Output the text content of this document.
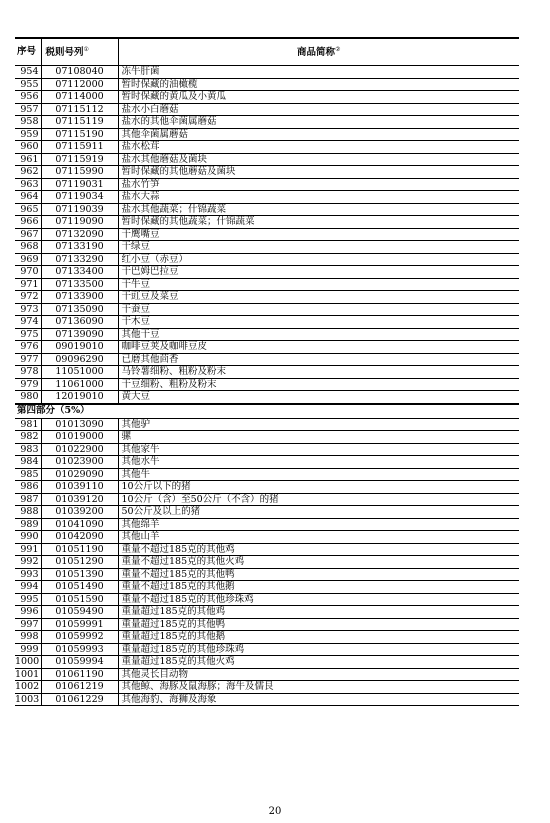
序号	税则号列①	商品简称②
954	07108040	冻牛肝菌
955	07112000	暂时保藏的油橄榄
956	07114000	暂时保藏的黄瓜及小黄瓜
957	07115112	盐水小白蘑菇
958	07115119	盐水的其他伞菌属蘑菇
959	07115190	其他伞菌属蘑菇
960	07115911	盐水松茸
961	07115919	盐水其他蘑菇及菌块
962	07115990	暂时保藏的其他蘑菇及菌块
963	07119031	盐水竹笋
964	07119034	盐水大蒜
965	07119039	盐水其他蔬菜；什锦蔬菜
966	07119090	暂时保藏的其他蔬菜；什锦蔬菜
967	07132090	干鹰嘴豆
968	07133190	干绿豆
969	07133290	红小豆（赤豆）
970	07133400	干巴姆巴拉豆
971	07133500	干牛豆
972	07133900	干豇豆及菜豆
973	07135090	干蚕豆
974	07136090	干木豆
975	07139090	其他干豆
976	09019010	咖啡豆荚及咖啡豆皮
977	09096290	已磨其他茴香
978	11051000	马铃薯细粉、粗粉及粉末
979	11061000	干豆细粉、粗粉及粉末
980	12019010	黄大豆
第四部分（5%）		
981	01013090	其他驴
982	01019000	骡
983	01022900	其他家牛
984	01023900	其他水牛
985	01029090	其他牛
986	01039110	10公斤以下的猪
987	01039120	10公斤（含）至50公斤（不含）的猪
988	01039200	50公斤及以上的猪
989	01041090	其他绵羊
990	01042090	其他山羊
991	01051190	重量不超过185克的其他鸡
992	01051290	重量不超过185克的其他火鸡
993	01051390	重量不超过185克的其他鸭
994	01051490	重量不超过185克的其他鹅
995	01051590	重量不超过185克的其他珍珠鸡
996	01059490	重量超过185克的其他鸡
997	01059991	重量超过185克的其他鸭
998	01059992	重量超过185克的其他鹅
999	01059993	重量超过185克的其他珍珠鸡
1000	01059994	重量超过185克的其他火鸡
1001	01061190	其他灵长目动物
1002	01061219	其他鲸、海豚及鼠海豚；海牛及儒艮
1003	01061229	其他海豹、海狮及海象
20
